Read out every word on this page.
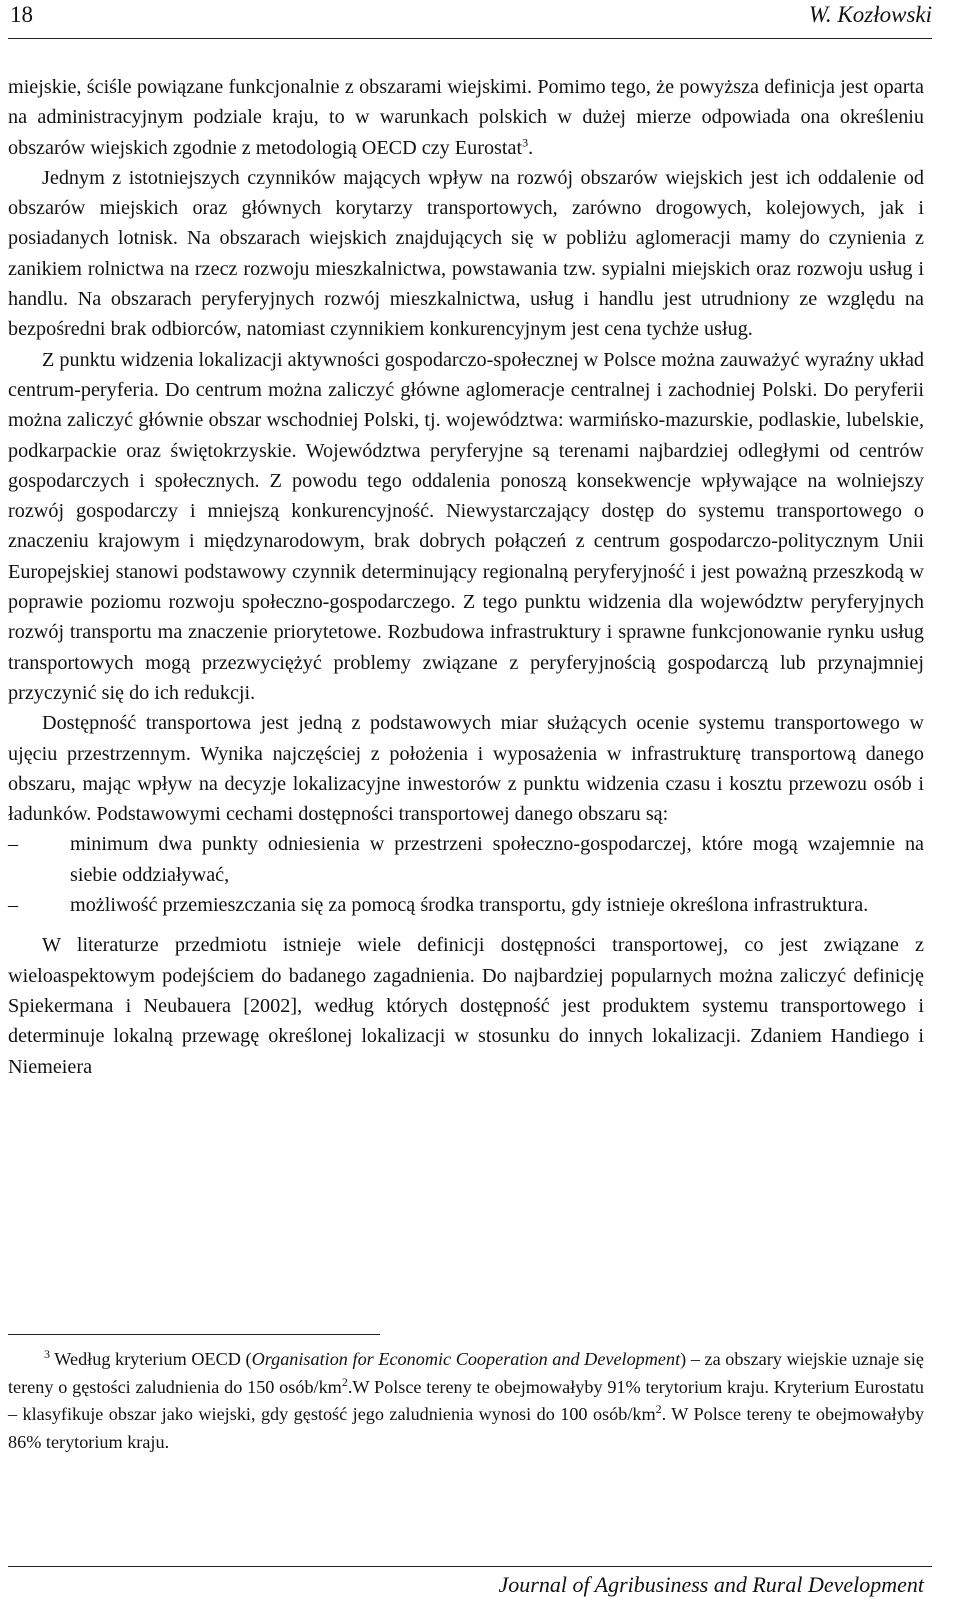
18	W. Kozłowski

miejskie, ściśle powiązane funkcjonalnie z obszarami wiejskimi. Pomimo tego, że powyższa definicja jest oparta na administracyjnym podziale kraju, to w warunkach polskich w dużej mierze odpowiada ona określeniu obszarów wiejskich zgodnie z metodologią OECD czy Eurostat$^3$.

Jednym z istotniejszych czynników mających wpływ na rozwój obszarów wiejskich jest ich oddalenie od obszarów miejskich oraz głównych korytarzy transportowych, zarówno drogowych, kolejowych, jak i posiadanych lotnisk. Na obszarach wiejskich znajdujących się w pobliżu aglomeracji mamy do czynienia z zanikiem rolnictwa na rzecz rozwoju mieszkalnictwa, powstawania tzw. sypialni miejskich oraz rozwoju usług i handlu. Na obszarach peryferyjnych rozwój mieszkalnictwa, usług i handlu jest utrudniony ze względu na bezpośredni brak odbiorców, natomiast czynnikiem konkurencyjnym jest cena tychże usług.

Z punktu widzenia lokalizacji aktywności gospodarczo-społecznej w Polsce można zauważyć wyraźny układ centrum-peryferia. Do centrum można zaliczyć główne aglomeracje centralnej i zachodniej Polski. Do peryferii można zaliczyć głównie obszar wschodniej Polski, tj. województwa: warmińsko-mazurskie, podlaskie, lubelskie, podkarpackie oraz świętokrzyskie. Województwa peryferyjne są terenami najbardziej odległymi od centrów gospodarczych i społecznych. Z powodu tego oddalenia ponoszą konsekwencje wpływające na wolniejszy rozwój gospodarczy i mniejszą konkurencyjność. Niewystarczający dostęp do systemu transportowego o znaczeniu krajowym i międzynarodowym, brak dobrych połączeń z centrum gospodarczo-politycznym Unii Europejskiej stanowi podstawowy czynnik determinujący regionalną peryferyjność i jest poważną przeszkodą w poprawie poziomu rozwoju społeczno-gospodarczego. Z tego punktu widzenia dla województw peryferyjnych rozwój transportu ma znaczenie priorytetowe. Rozbudowa infrastruktury i sprawne funkcjonowanie rynku usług transportowych mogą przezwyciężyć problemy związane z peryferyjnością gospodarczą lub przynajmniej przyczynić się do ich redukcji.

Dostępność transportowa jest jedną z podstawowych miar służących ocenie systemu transportowego w ujęciu przestrzennym. Wynika najczęściej z położenia i wyposażenia w infrastrukturę transportową danego obszaru, mając wpływ na decyzje lokalizacyjne inwestorów z punktu widzenia czasu i kosztu przewozu osób i ładunków. Podstawowymi cechami dostępności transportowej danego obszaru są:

–	minimum dwa punkty odniesienia w przestrzeni społeczno-gospodarczej, które mogą wzajemnie na siebie oddziaływać,
–	możliwość przemieszczania się za pomocą środka transportu, gdy istnieje określona infrastruktura.

W literaturze przedmiotu istnieje wiele definicji dostępności transportowej, co jest związane z wieloaspektowym podejściem do badanego zagadnienia. Do najbardziej popularnych można zaliczyć definicję Spiekermana i Neubauera [2002], według których dostępność jest produktem systemu transportowego i determinuje lokalną przewagę określonej lokalizacji w stosunku do innych lokalizacji. Zdaniem Handiego i Niemeiera

$^3$ Według kryterium OECD (Organisation for Economic Cooperation and Development) – za obszary wiejskie uznaje się tereny o gęstości zaludnienia do 150 osób/$km^2.W$ Polsce tereny te obejmowałyby 91% terytorium kraju. Kryterium Eurostatu – klasyfikuje obszar jako wiejski, gdy gęstość jego zaludnienia wynosi do 100 osób/$km^2$. W Polsce tereny te obejmowałyby 86% terytorium kraju.

Journal of Agribusiness and Rural Development
